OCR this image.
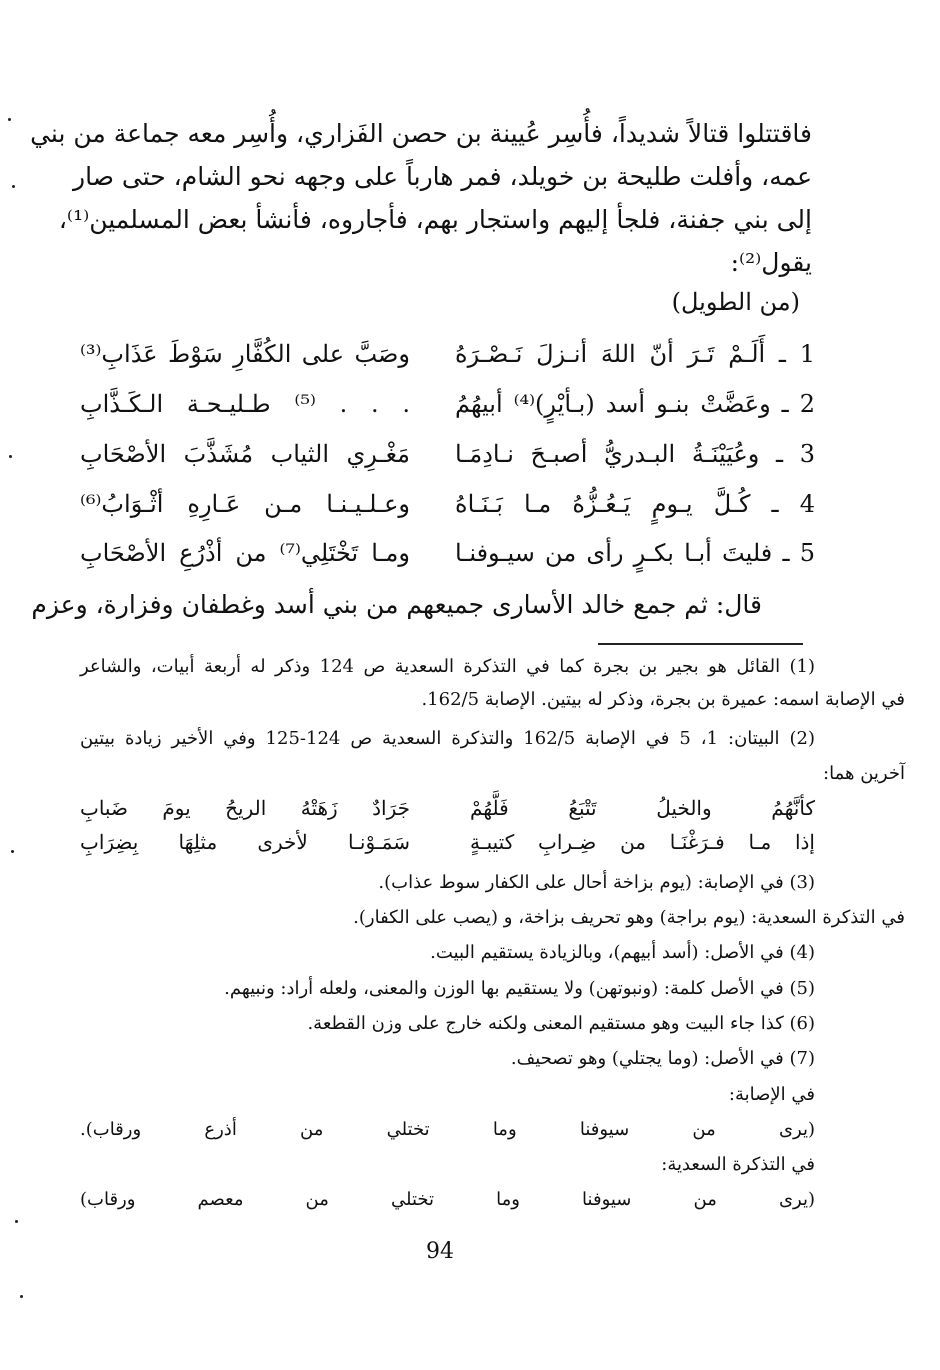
فاقتتلوا قتالاً شديداً، فأُسِر عُيينة بن حصن الفَزاري، وأُسِر معه جماعة من بني
عمه، وأفلت طليحة بن خويلد، فمر هارباً على وجهه نحو الشام، حتى صار
إلى بني جفنة، فلجأ إليهم واستجار بهم، فأجاروه، فأنشأ بعض المسلمين⁽¹⁾،
يقول⁽²⁾:
(من الطويل)
1 ـ أَلَـمْ تَـرَ أنّ اللهَ أنـزلَ نَـصْـرَهُ
وصَبَّ على الكُفَّارِ سَوْطَ عَذَابِ⁽³⁾
2 ـ وعَضَّتْ بنـو أسد (بـأيْرٍ)⁽⁴⁾ أبيهُمُ
. . . ⁽⁵⁾ طـليـحـة الـكَـذَّابِ
3 ـ وعُيَيْنَـةُ البـدريُّ أصبـحَ نـادِمَـا
مَغْـرِي الثياب مُشَذَّبَ الأصْحَابِ
4 ـ كُـلَّ يـومٍ يَـعُـزُّهُ مـا بَـنَـاهُ
وعـلـيـنـا مـن عَـارِهِ أثْـوَابُ⁽⁶⁾
5 ـ فليتَ أبـا بكـرٍ رأى من سيـوفنـا
ومـا تَخْتَلِي⁽⁷⁾ من أذْرُعِ الأصْحَابِ
قال: ثم جمع خالد الأسارى جميعهم من بني أسد وغطفان وفزارة، وعزم
(1) القائل هو بجير بن بجرة كما في التذكرة السعدية ص 124 وذكر له أربعة أبيات، والشاعر
في الإصابة اسمه: عميرة بن بجرة، وذكر له بيتين. الإصابة 162/5.
(2) البيتان: 1، 5 في الإصابة 162/5 والتذكرة السعدية ص 124-125 وفي الأخير زيادة بيتين
آخرين هما:
كأنَّهُمُ والخيلُ تَتْبَعُ فَلَّهُمْ
جَرَادٌ زَهَتْهُ الريحُ يومَ ضَبابِ
إذا مـا فـرَغْنَـا من ضِـرابِ كتيبـةٍ
سَمَـوْنـا لأخرى مثلِهَا بِضِرَابِ
(3) في الإصابة: (يوم بزاخة أحال على الكفار سوط عذاب).
في التذكرة السعدية: (يوم براجة) وهو تحريف بزاخة، و (يصب على الكفار).
(4) في الأصل: (أسد أبيهم)، وبالزيادة يستقيم البيت.
(5) في الأصل كلمة: (ونبوتهن) ولا يستقيم بها الوزن والمعنى، ولعله أراد: ونبيهم.
(6) كذا جاء البيت وهو مستقيم المعنى ولكنه خارج على وزن القطعة.
(7) في الأصل: (وما يجتلي) وهو تصحيف.
في الإصابة:
(يرى من سيوفنا وما تختلي من أذرع ورقاب).
في التذكرة السعدية:
(يرى من سيوفنا وما تختلي من معصم ورقاب)
94
